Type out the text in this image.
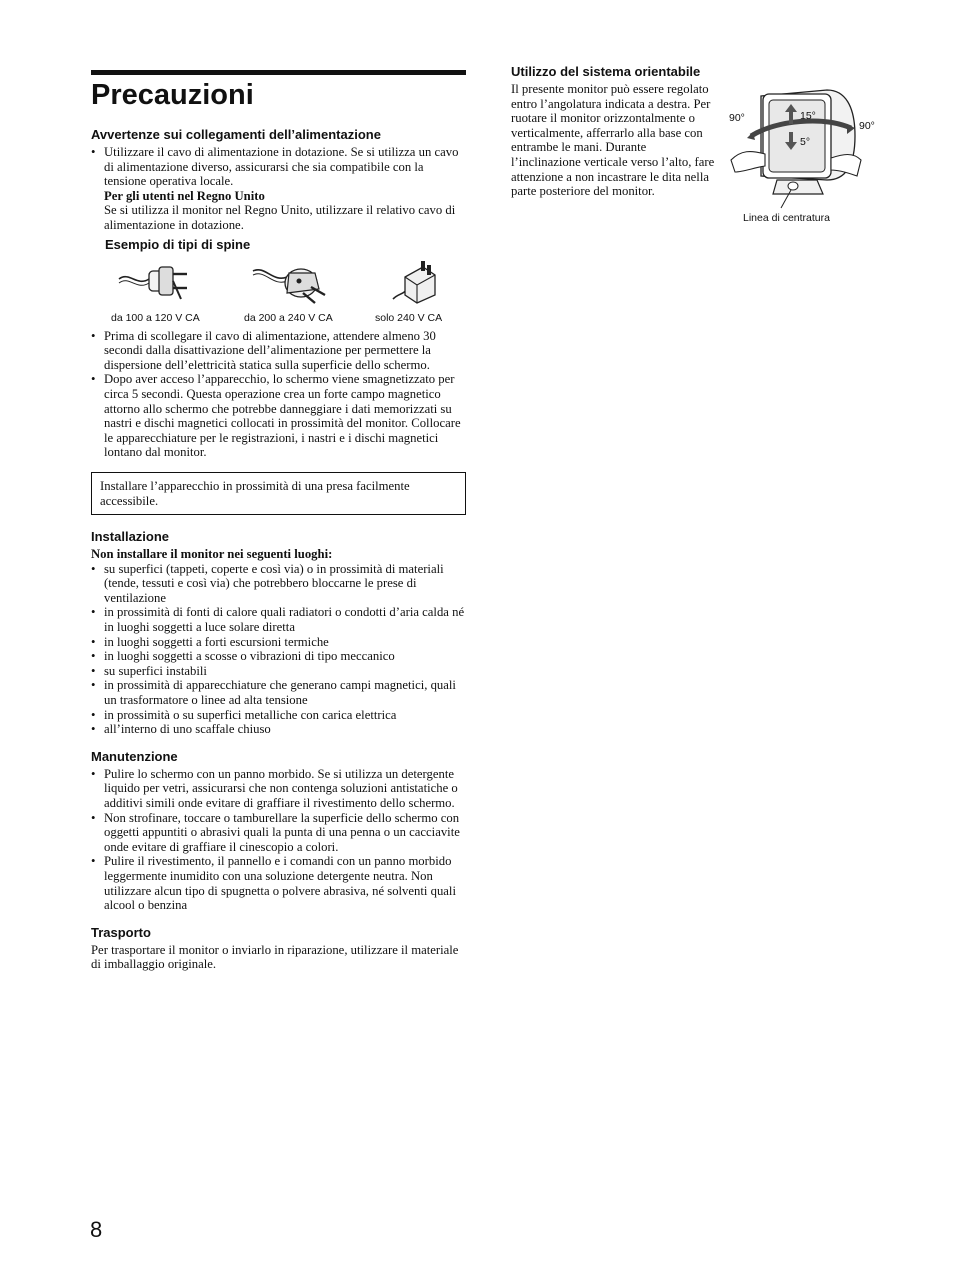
Precauzioni
Avvertenze sui collegamenti dell’alimentazione
• Utilizzare il cavo di alimentazione in dotazione. Se si utilizza un cavo di alimentazione diverso, assicurarsi che sia compatibile con la tensione operativa locale.

Per gli utenti nel Regno Unito

Se si utilizza il monitor nel Regno Unito, utilizzare il relativo cavo di alimentazione in dotazione.

Esempio di tipi di spine
da 100 a 120 V CA	da 200 a 240 V CA	solo 240 V CA
• Prima di scollegare il cavo di alimentazione, attendere almeno 30 secondi dalla disattivazione dell’alimentazione per permettere la dispersione dell’elettricità statica sulla superficie dello schermo.
• Dopo aver acceso l’apparecchio, lo schermo viene smagnetizzato per circa 5 secondi. Questa operazione crea un forte campo magnetico attorno allo schermo che potrebbe danneggiare i dati memorizzati su nastri e dischi magnetici collocati in prossimità del monitor. Collocare le apparecchiature per le registrazioni, i nastri e i dischi magnetici lontano dal monitor.

Installare l’apparecchio in prossimità di una presa facilmente accessibile.

Installazione

Non installare il monitor nei seguenti luoghi:

• su superfici (tappeti, coperte e così via) o in prossimità di materiali (tende, tessuti e così via) che potrebbero bloccarne le prese di ventilazione
• in prossimità di fonti di calore quali radiatori o condotti d’aria calda né in luoghi soggetti a luce solare diretta
• in luoghi soggetti a forti escursioni termiche
• in luoghi soggetti a scosse o vibrazioni di tipo meccanico
• su superfici instabili
• in prossimità di apparecchiature che generano campi magnetici, quali un trasformatore o linee ad alta tensione
• in prossimità o su superfici metalliche con carica elettrica
• all’interno di uno scaffale chiuso
Manutenzione
• Pulire lo schermo con un panno morbido. Se si utilizza un detergente liquido per vetri, assicurarsi che non contenga soluzioni antistatiche o additivi simili onde evitare di graffiare il rivestimento dello schermo.
• Non strofinare, toccare o tamburellare la superficie dello schermo con oggetti appuntiti o abrasivi quali la punta di una penna o un cacciavite onde evitare di graffiare il cinescopio a colori.
• Pulire il rivestimento, il pannello e i comandi con un panno morbido leggermente inumidito con una soluzione detergente neutra. Non utilizzare alcun tipo di spugnetta o polvere abrasiva, né solventi quali alcool o benzina
Trasporto

Per trasportare il monitor o inviarlo in riparazione, utilizzare il materiale di imballaggio originale.

Utilizzo del sistema orientabile

Il presente monitor può essere regolato entro l’angolatura indicata a destra. Per ruotare il monitor orizzontalmente o verticalmente, afferrarlo alla base con entrambe le mani. Durante l’inclinazione verticale verso l’alto, fare attenzione a non incastrare le dita nella parte posteriore del monitor.

90°
90°
15°
5°
Linea di centratura
8
